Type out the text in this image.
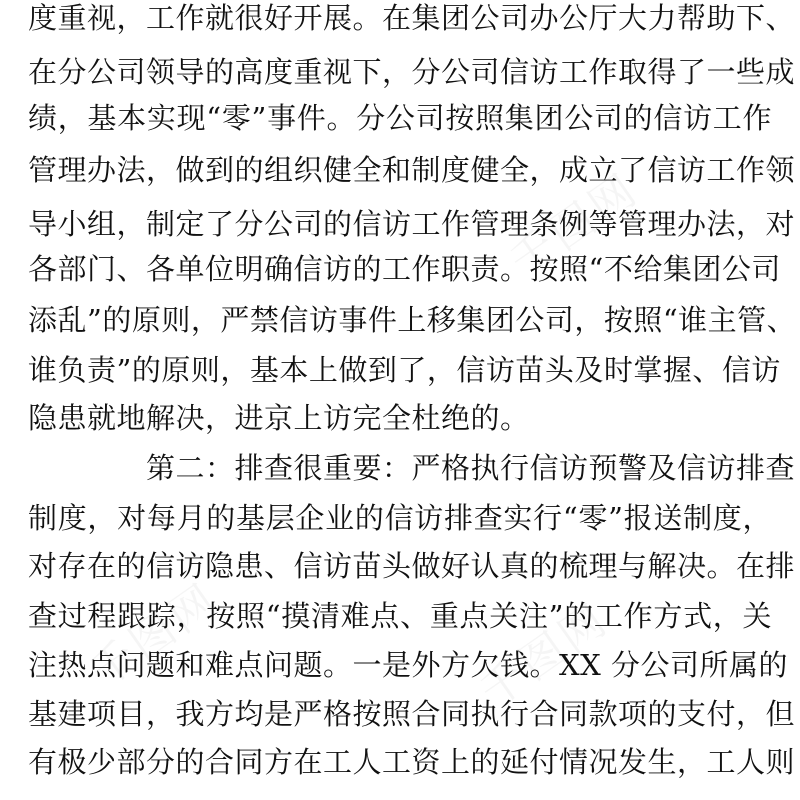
千图网
千图网	千图网
度重视，工作就很好开展。在集团公司办公厅大力帮助下、
在分公司领导的高度重视下，分公司信访工作取得了一些成
绩，基本实现“零”事件。分公司按照集团公司的信访工作
管理办法，做到的组织健全和制度健全，成立了信访工作领
导小组，制定了分公司的信访工作管理条例等管理办法，对
各部门、各单位明确信访的工作职责。按照“不给集团公司
添乱”的原则，严禁信访事件上移集团公司，按照“谁主管、
谁负责”的原则，基本上做到了，信访苗头及时掌握、信访
隐患就地解决，进京上访完全杜绝的。
第二：排查很重要：严格执行信访预警及信访排查
制度，对每月的基层企业的信访排查实行“零”报送制度，
对存在的信访隐患、信访苗头做好认真的梳理与解决。在排
查过程跟踪，按照“摸清难点、重点关注”的工作方式，关
注热点问题和难点问题。一是外方欠钱。XX 分公司所属的
基建项目，我方均是严格按照合同执行合同款项的支付，但
有极少部分的合同方在工人工资上的延付情况发生，工人则
